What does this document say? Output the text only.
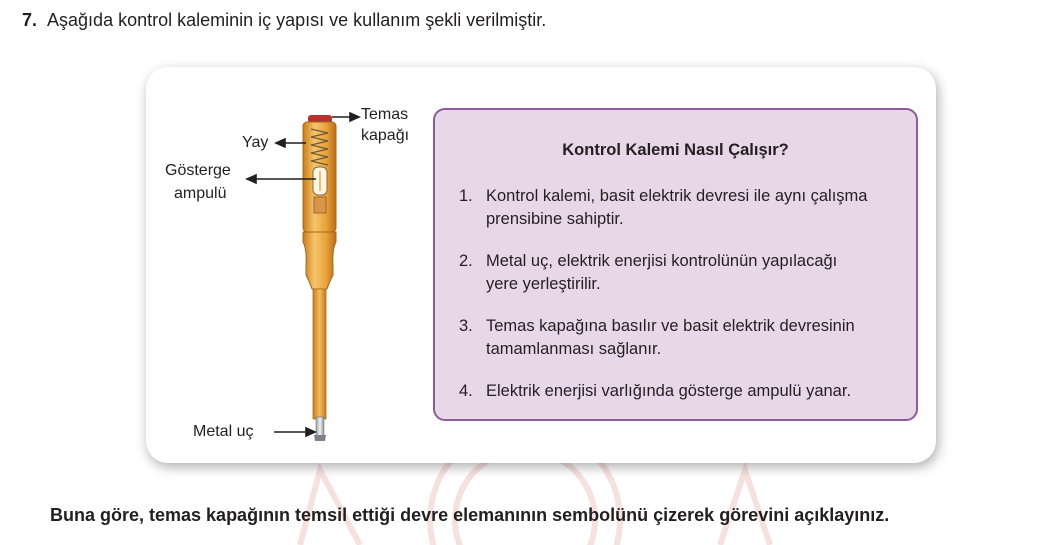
7. Aşağıda kontrol kaleminin iç yapısı ve kullanım şekli verilmiştir.
Temas
kapağı
Yay
Gösterge
ampulü
Metal uç
Kontrol Kalemi Nasıl Çalışır?
1. Kontrol kalemi, basit elektrik devresi ile aynı çalışma
prensibine sahiptir.
2. Metal uç, elektrik enerjisi kontrolünün yapılacağı
yere yerleştirilir.
3. Temas kapağına basılır ve basit elektrik devresinin
tamamlanması sağlanır.
4. Elektrik enerjisi varlığında gösterge ampulü yanar.
Buna göre, temas kapağının temsil ettiği devre elemanının sembolünü çizerek görevini açıklayınız.
